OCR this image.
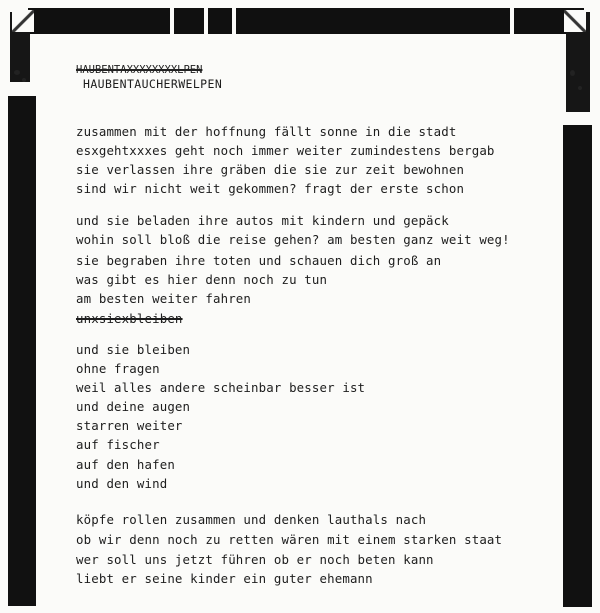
HAUBENTAXXXXXXXXLPEN
HAUBENTAUCHERWELPEN
zusammen mit der hoffnung fällt sonne in die stadt
esxgehtxxxes geht noch immer weiter zumindestens bergab
sie verlassen ihre gräben die sie zur zeit bewohnen
sind wir nicht weit gekommen? fragt der erste schon
und sie beladen ihre autos mit kindern und gepäck
wohin soll bloß die reise gehen? am besten ganz weit weg!
sie begraben ihre toten und schauen dich groß an
was gibt es hier denn noch zu tun
am besten weiter fahren
unxsiexbleiben
und sie bleiben
ohne fragen
weil alles andere scheinbar besser ist
und deine augen
starren weiter
auf fischer
auf den hafen
und den wind
köpfe rollen zusammen und denken lauthals nach
ob wir denn noch zu retten wären mit einem starken staat
wer soll uns jetzt führen ob er noch beten kann
liebt er seine kinder ein guter ehemann
